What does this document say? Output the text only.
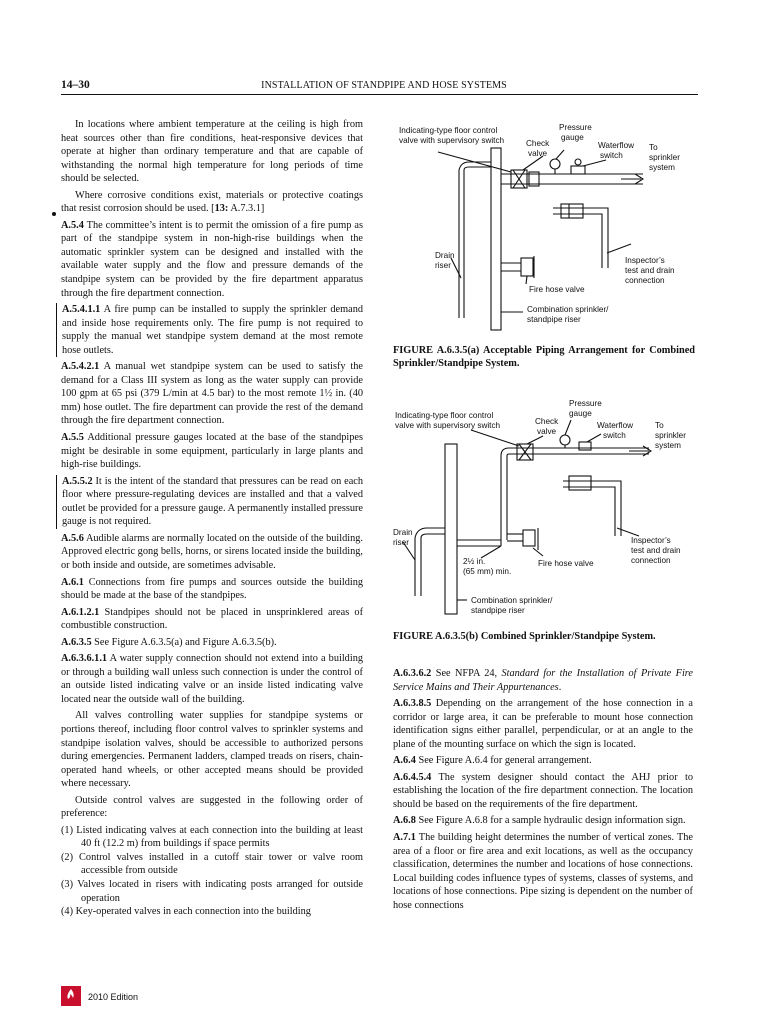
14–30	INSTALLATION OF STANDPIPE AND HOSE SYSTEMS

In locations where ambient temperature at the ceiling is high from heat sources other than fire conditions, heat-responsive devices that operate at higher than ordinary temperature and that are capable of withstanding the normal high temperature for long periods of time should be selected.

Where corrosive conditions exist, materials or protective coatings that resist corrosion should be used. [13: A.7.3.1]

A.5.4 The committee’s intent is to permit the omission of a fire pump as part of the standpipe system in non-high-rise buildings when the automatic sprinkler system can be designed and installed with the available water supply and the flow and pressure demands of the standpipe system can be provided by the fire department apparatus through the fire department connection.

A.5.4.1.1 A fire pump can be installed to supply the sprinkler demand and inside hose requirements only. The fire pump is not required to supply the manual wet standpipe system demand at the most remote hose outlets.

A.5.4.2.1 A manual wet standpipe system can be used to satisfy the demand for a Class III system as long as the water supply can provide 100 gpm at 65 psi (379 L/min at 4.5 bar) to the most remote 1½ in. (40 mm) hose outlet. The fire department can provide the rest of the demand through the fire department connection.

A.5.5 Additional pressure gauges located at the base of the standpipes might be desirable in some equipment, particularly in large plants and high-rise buildings.

A.5.5.2 It is the intent of the standard that pressures can be read on each floor where pressure-regulating devices are installed and that a valved outlet be provided for a pressure gauge. A permanently installed pressure gauge is not required.

A.5.6 Audible alarms are normally located on the outside of the building. Approved electric gong bells, horns, or sirens located inside the building, or both inside and outside, are sometimes advisable.

A.6.1 Connections from fire pumps and sources outside the building should be made at the base of the standpipes.

A.6.1.2.1 Standpipes should not be placed in unsprinklered areas of combustible construction.

A.6.3.5 See Figure A.6.3.5(a) and Figure A.6.3.5(b).

A.6.3.6.1.1 A water supply connection should not extend into a building or through a building wall unless such connection is under the control of an outside listed indicating valve or an inside listed indicating valve located near the outside wall of the building.

All valves controlling water supplies for standpipe systems or portions thereof, including floor control valves to sprinkler systems and standpipe isolation valves, should be accessible to authorized persons during emergencies. Permanent ladders, clamped treads on risers, chain-operated hand wheels, or other accepted means should be provided where necessary.

Outside control valves are suggested in the following order of preference:

(1) Listed indicating valves at each connection into the building at least 40 ft (12.2 m) from buildings if space permits
(2) Control valves installed in a cutoff stair tower or valve room accessible from outside
(3) Valves located in risers with indicating posts arranged for outside operation
(4) Key-operated valves in each connection into the building
Indicating-type floor control
valve with supervisory switch	Check
valve
Pressure
gauge
Waterflow
switch
To
sprinkler
system
Drain
riser
Inspector’s
test and drain
connection
Fire hose valve
Combination sprinkler/
standpipe riser
FIGURE A.6.3.5(a) Acceptable Piping Arrangement for Combined Sprinkler/Standpipe System.
Indicating-type floor control
valve with supervisory switch	Check
valve
Pressure
gauge
Waterflow
switch
To
sprinkler
system
Drain
riser
2½ in.
(65 mm) min.
Fire hose valve
Inspector’s
test and drain
connection
Combination sprinkler/
standpipe riser
FIGURE A.6.3.5(b) Combined Sprinkler/Standpipe System.

A.6.3.6.2 See NFPA 24, Standard for the Installation of Private Fire Service Mains and Their Appurtenances.

A.6.3.8.5 Depending on the arrangement of the hose connection in a corridor or large area, it can be preferable to mount hose connection identification signs either parallel, perpendicular, or at an angle to the plane of the mounting surface on which the sign is located.

A.6.4 See Figure A.6.4 for general arrangement.

A.6.4.5.4 The system designer should contact the AHJ prior to establishing the location of the fire department connection. The location should be based on the requirements of the fire department.

A.6.8 See Figure A.6.8 for a sample hydraulic design information sign.

A.7.1 The building height determines the number of vertical zones. The area of a floor or fire area and exit locations, as well as the occupancy classification, determines the number and locations of hose connections. Local building codes influence types of systems, classes of systems, and locations of hose connections. Pipe sizing is dependent on the number of hose connections

2010 Edition
